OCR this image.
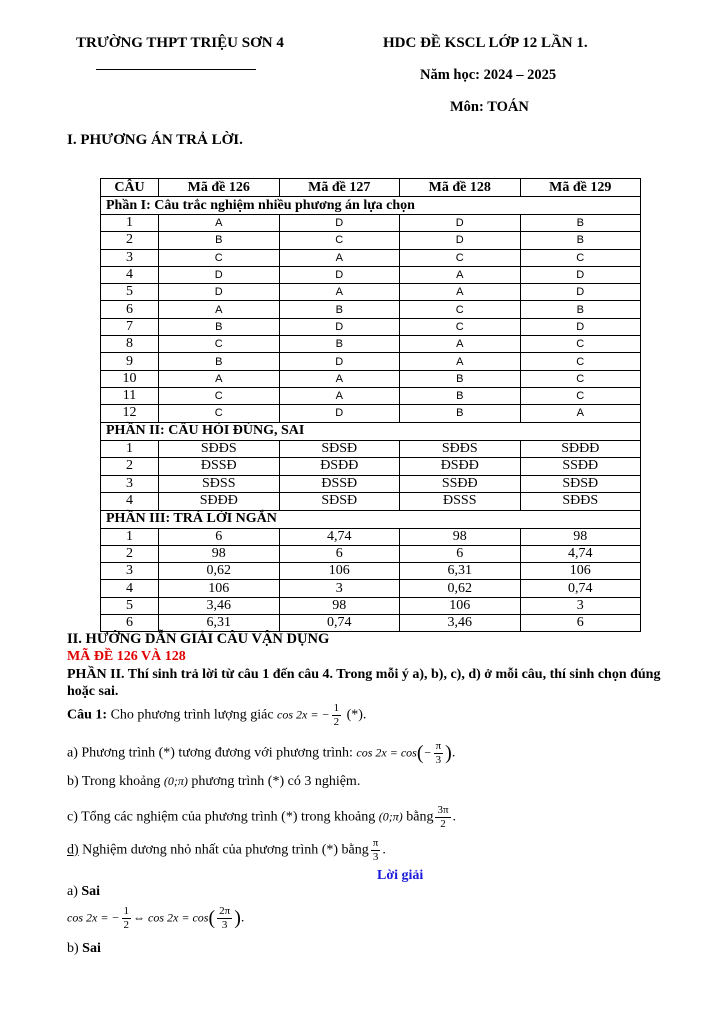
TRƯỜNG THPT TRIỆU SƠN 4	HDC ĐỀ KSCL LỚP 12 LẦN 1.
Năm học: 2024 – 2025
Môn: TOÁN
I. PHƯƠNG ÁN TRẢ LỜI.
CÂU	Mã đề 126	Mã đề 127	Mã đề 128	Mã đề 129
Phần I: Câu trắc nghiệm nhiều phương án lựa chọn				
1	A	D	D	B
2	B	C	D	B
3	C	A	C	C
4	D	D	A	D
5	D	A	A	D
6	A	B	C	B
7	B	D	C	D
8	C	B	A	C
9	B	D	A	C
10	A	A	B	C
11	C	A	B	C
12	C	D	B	A
PHẦN II: CÂU HỎI ĐÚNG, SAI				
1	SĐĐS	SĐSĐ	SĐĐS	SĐĐĐ
2	ĐSSĐ	ĐSĐĐ	ĐSĐĐ	SSĐĐ
3	SĐSS	ĐSSĐ	SSĐĐ	SĐSĐ
4	SĐĐĐ	SĐSĐ	ĐSSS	SĐĐS
PHẦN III: TRẢ LỜI NGẮN				
1	6	4,74	98	98
2	98	6	6	4,74
3	0,62	106	6,31	106
4	106	3	0,62	0,74
5	3,46	98	106	3
6	6,31	0,74	3,46	6
II. HƯỚNG DẪN GIẢI CÂU VẬN DỤNG
MÃ ĐỀ 126 VÀ 128
PHẦN II. Thí sinh trả lời từ câu 1 đến câu 4. Trong mỗi ý a), b), c), d) ở mỗi câu, thí sinh chọn đúng hoặc sai.
Câu 1: Cho phương trình lượng giác cos 2x = − $\frac{1}{2}$ (*).
a) Phương trình (*) tương đương với phương trình: $\cos 2x = \cos(- \frac{\pi}{3}$ ).
b) Trong khoảng (0;π) phương trình (*) có 3 nghiệm.
c) Tổng các nghiệm của phương trình (*) trong khoảng (0;π) bằng $\frac{3\pi}{2}$ .
d) Nghiệm dương nhỏ nhất của phương trình (*) bằng $\frac{\pi}{3}$ .
Lời giải
a) Sai
cos 2x = − $\frac{1}{2}$ ⇔ $\cos 2x = \cos( \frac{2\pi}{3}$ ).
b) Sai
